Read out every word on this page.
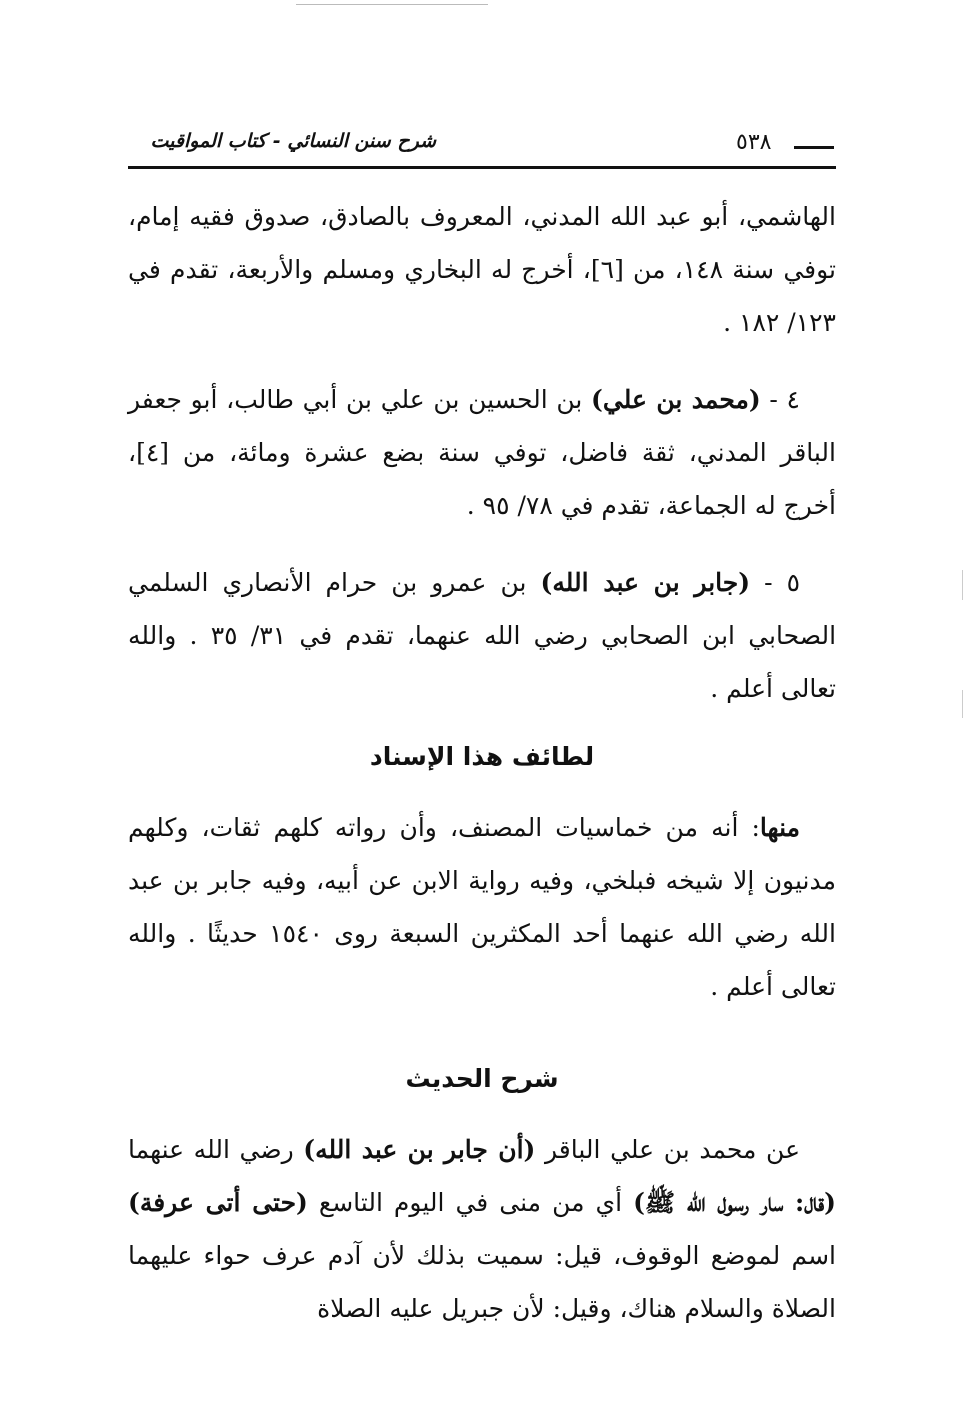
شرح سنن النسائي - كتاب المواقيت	٥٣٨

الهاشمي، أبو عبد الله المدني، المعروف بالصادق، صدوق فقيه إمام، توفي سنة ١٤٨، من [٦]، أخرج له البخاري ومسلم والأربعة، تقدم في ١٢٣/ ١٨٢ .

٤ - (محمد بن علي) بن الحسين بن علي بن أبي طالب، أبو جعفر الباقر المدني، ثقة فاضل، توفي سنة بضع عشرة ومائة، من [٤]، أخرج له الجماعة، تقدم في ٧٨/ ٩٥ .

٥ - (جابر بن عبد الله) بن عمرو بن حرام الأنصاري السلمي الصحابي ابن الصحابي رضي الله عنهما، تقدم في ٣١/ ٣٥ . والله تعالى أعلم .

لطائف هذا الإسناد

منها: أنه من خماسيات المصنف، وأن رواته كلهم ثقات، وكلهم مدنيون إلا شيخه فبلخي، وفيه رواية الابن عن أبيه، وفيه جابر بن عبد الله رضي الله عنهما أحد المكثرين السبعة روى ١٥٤٠ حديثًا . والله تعالى أعلم .

شرح الحديث

عن محمد بن علي الباقر (أن جابر بن عبد الله) رضي الله عنهما (قال: سار رسول الله ﷺ) أي من منى في اليوم التاسع (حتى أتى عرفة) اسم لموضع الوقوف، قيل: سميت بذلك لأن آدم عرف حواء عليهما الصلاة والسلام هناك، وقيل: لأن جبريل عليه الصلاة
